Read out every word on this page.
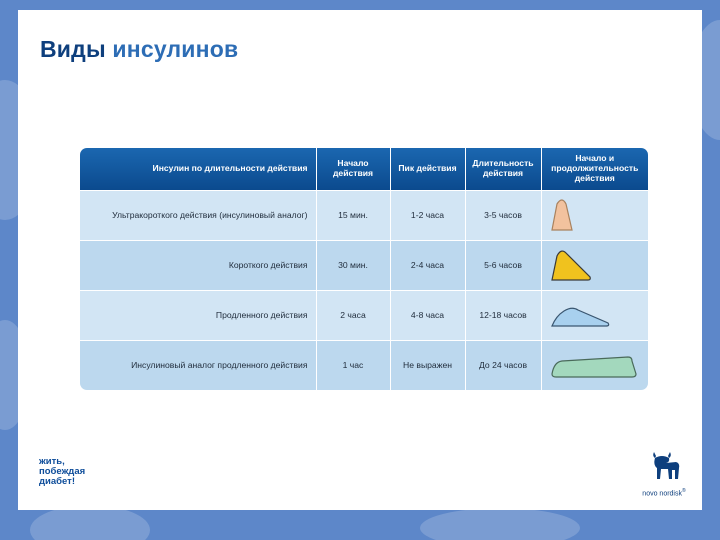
Виды инсулинов
Инсулин по длительности действия	Начало действия	Пик действия	Длительность действия	Начало и продолжительность действия
Ультракороткого действия (инсулиновый аналог)	15 мин.	1-2 часа	3-5 часов	
Короткого действия	30 мин.	2-4 часа	5-6 часов	
Продленного действия	2 часа	4-8 часа	12-18 часов	
Инсулиновый аналог продленного действия	1 час	Не выражен	До 24 часов	
жить,
побеждая
диабет!
novo nordisk®
